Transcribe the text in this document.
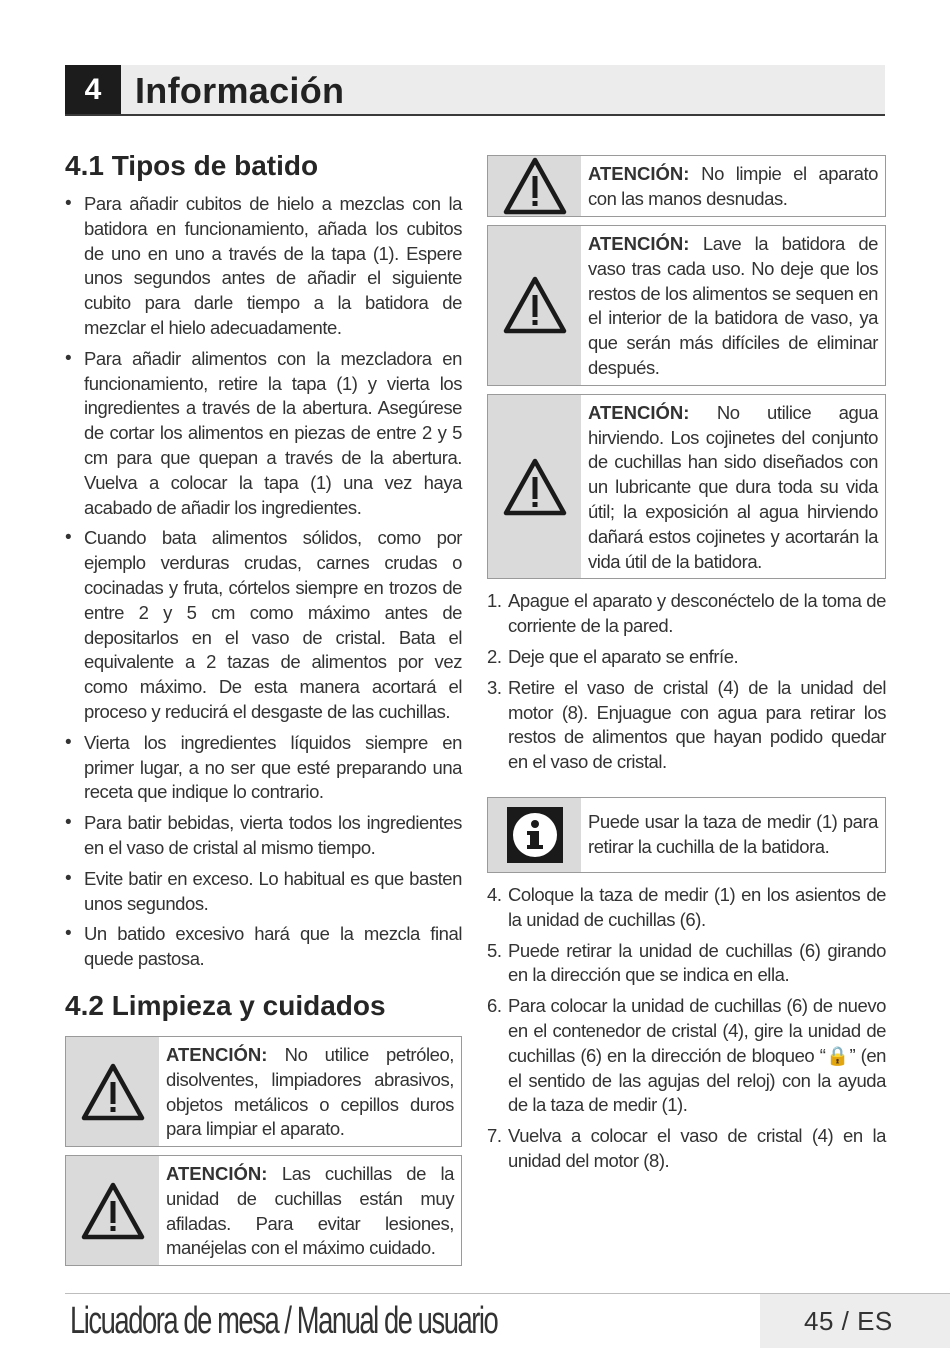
4 Información
4.1 Tipos de batido
• Para añadir cubitos de hielo a mezclas con la batidora en funcionamiento, añada los cubitos de uno en uno a través de la tapa (1). Espere unos segundos antes de añadir el siguiente cubito para darle tiempo a la batidora de mezclar el hielo adecuadamente.
• Para añadir alimentos con la mezcladora en funcionamiento, retire la tapa (1) y vierta los ingredientes a través de la abertura. Asegúrese de cortar los alimentos en piezas de entre 2 y 5 cm para que quepan a través de la abertura. Vuelva a colocar la tapa (1) una vez haya acabado de añadir los ingredientes.
• Cuando bata alimentos sólidos, como por ejemplo verduras crudas, carnes crudas o cocinadas y fruta, córtelos siempre en trozos de entre 2 y 5 cm como máximo antes de depositarlos en el vaso de cristal. Bata el equivalente a 2 tazas de alimentos por vez como máximo. De esta manera acortará el proceso y reducirá el desgaste de las cuchillas.
• Vierta los ingredientes líquidos siempre en primer lugar, a no ser que esté preparando una receta que indique lo contrario.
• Para batir bebidas, vierta todos los ingredientes en el vaso de cristal al mismo tiempo.
• Evite batir en exceso. Lo habitual es que basten unos segundos.
• Un batido excesivo hará que la mezcla final quede pastosa.
4.2 Limpieza y cuidados
ATENCIÓN: No utilice petróleo, disolventes, limpiadores abrasivos, objetos metálicos o cepillos duros para limpiar el aparato.
ATENCIÓN: Las cuchillas de la unidad de cuchillas están muy afiladas. Para evitar lesiones, manéjelas con el máximo cuidado.
ATENCIÓN: No limpie el aparato con las manos desnudas.
ATENCIÓN: Lave la batidora de vaso tras cada uso. No deje que los restos de los alimentos se sequen en el interior de la batidora de vaso, ya que serán más difíciles de eliminar después.
ATENCIÓN: No utilice agua hirviendo. Los cojinetes del conjunto de cuchillas han sido diseñados con un lubricante que dura toda su vida útil; la exposición al agua hirviendo dañará estos cojinetes y acortarán la vida útil de la batidora.
1. Apague el aparato y desconéctelo de la toma de corriente de la pared.
2. Deje que el aparato se enfríe.
3. Retire el vaso de cristal (4) de la unidad del motor (8). Enjuague con agua para retirar los restos de alimentos que hayan podido quedar en el vaso de cristal.
Puede usar la taza de medir (1) para retirar la cuchilla de la batidora.
4. Coloque la taza de medir (1) en los asientos de la unidad de cuchillas (6).
5. Puede retirar la unidad de cuchillas (6) girando en la dirección que se indica en ella.
6. Para colocar la unidad de cuchillas (6) de nuevo en el contenedor de cristal (4), gire la unidad de cuchillas (6) en la dirección de bloqueo “🔒” (en el sentido de las agujas del reloj) con la ayuda de la taza de medir (1).
7. Vuelva a colocar el vaso de cristal (4) en la unidad del motor (8).
Licuadora de mesa / Manual de usuario	45 / ES
